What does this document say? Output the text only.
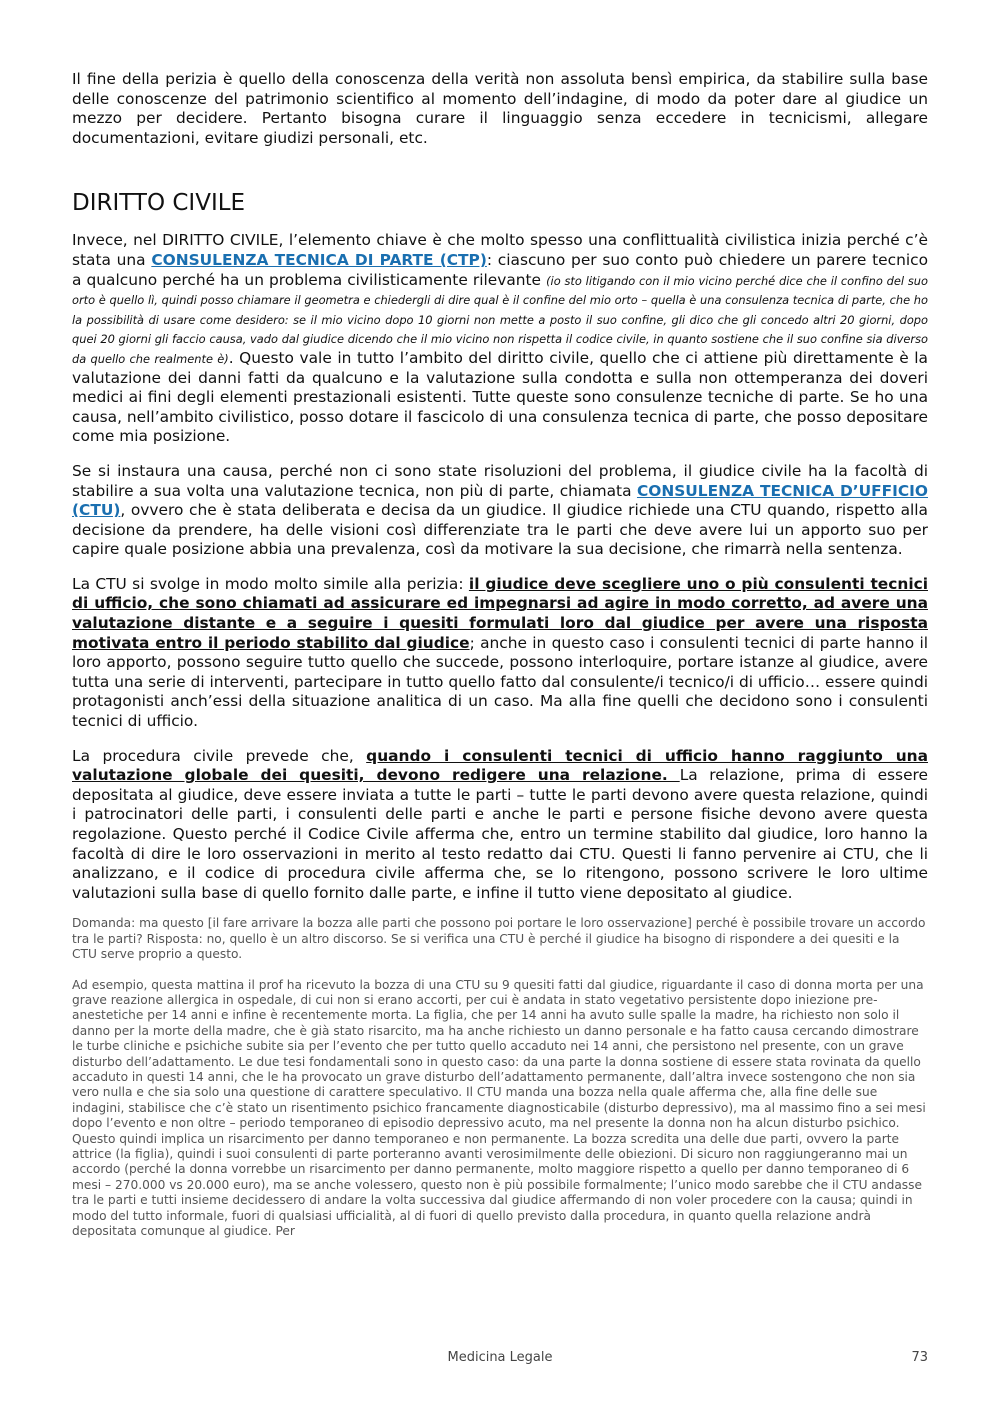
Il fine della perizia è quello della conoscenza della verità non assoluta bensì empirica, da stabilire sulla base delle conoscenze del patrimonio scientifico al momento dell’indagine, di modo da poter dare al giudice un mezzo per decidere. Pertanto bisogna curare il linguaggio senza eccedere in tecnicismi, allegare documentazioni, evitare giudizi personali, etc.

DIRITTO CIVILE

Invece, nel DIRITTO CIVILE, l’elemento chiave è che molto spesso una conflittualità civilistica inizia perché c’è stata una CONSULENZA TECNICA DI PARTE (CTP): ciascuno per suo conto può chiedere un parere tecnico a qualcuno perché ha un problema civilisticamente rilevante (io sto litigando con il mio vicino perché dice che il confino del suo orto è quello lì, quindi posso chiamare il geometra e chiedergli di dire qual è il confine del mio orto – quella è una consulenza tecnica di parte, che ho la possibilità di usare come desidero: se il mio vicino dopo 10 giorni non mette a posto il suo confine, gli dico che gli concedo altri 20 giorni, dopo quei 20 giorni gli faccio causa, vado dal giudice dicendo che il mio vicino non rispetta il codice civile, in quanto sostiene che il suo confine sia diverso da quello che realmente è). Questo vale in tutto l’ambito del diritto civile, quello che ci attiene più direttamente è la valutazione dei danni fatti da qualcuno e la valutazione sulla condotta e sulla non ottemperanza dei doveri medici ai fini degli elementi prestazionali esistenti. Tutte queste sono consulenze tecniche di parte. Se ho una causa, nell’ambito civilistico, posso dotare il fascicolo di una consulenza tecnica di parte, che posso depositare come mia posizione.

Se si instaura una causa, perché non ci sono state risoluzioni del problema, il giudice civile ha la facoltà di stabilire a sua volta una valutazione tecnica, non più di parte, chiamata CONSULENZA TECNICA D’UFFICIO (CTU), ovvero che è stata deliberata e decisa da un giudice. Il giudice richiede una CTU quando, rispetto alla decisione da prendere, ha delle visioni così differenziate tra le parti che deve avere lui un apporto suo per capire quale posizione abbia una prevalenza, così da motivare la sua decisione, che rimarrà nella sentenza.

La CTU si svolge in modo molto simile alla perizia: il giudice deve scegliere uno o più consulenti tecnici di ufficio, che sono chiamati ad assicurare ed impegnarsi ad agire in modo corretto, ad avere una valutazione distante e a seguire i quesiti formulati loro dal giudice per avere una risposta motivata entro il periodo stabilito dal giudice; anche in questo caso i consulenti tecnici di parte hanno il loro apporto, possono seguire tutto quello che succede, possono interloquire, portare istanze al giudice, avere tutta una serie di interventi, partecipare in tutto quello fatto dal consulente/i tecnico/i di ufficio… essere quindi protagonisti anch’essi della situazione analitica di un caso. Ma alla fine quelli che decidono sono i consulenti tecnici di ufficio.

La procedura civile prevede che, quando i consulenti tecnici di ufficio hanno raggiunto una valutazione globale dei quesiti, devono redigere una relazione. La relazione, prima di essere depositata al giudice, deve essere inviata a tutte le parti – tutte le parti devono avere questa relazione, quindi i patrocinatori delle parti, i consulenti delle parti e anche le parti e persone fisiche devono avere questa regolazione. Questo perché il Codice Civile afferma che, entro un termine stabilito dal giudice, loro hanno la facoltà di dire le loro osservazioni in merito al testo redatto dai CTU. Questi li fanno pervenire ai CTU, che li analizzano, e il codice di procedura civile afferma che, se lo ritengono, possono scrivere le loro ultime valutazioni sulla base di quello fornito dalle parte, e infine il tutto viene depositato al giudice.

Domanda: ma questo [il fare arrivare la bozza alle parti che possono poi portare le loro osservazione] perché è possibile trovare un accordo tra le parti? Risposta: no, quello è un altro discorso. Se si verifica una CTU è perché il giudice ha bisogno di rispondere a dei quesiti e la CTU serve proprio a questo.

Ad esempio, questa mattina il prof ha ricevuto la bozza di una CTU su 9 quesiti fatti dal giudice, riguardante il caso di donna morta per una grave reazione allergica in ospedale, di cui non si erano accorti, per cui è andata in stato vegetativo persistente dopo iniezione pre-anestetiche per 14 anni e infine è recentemente morta. La figlia, che per 14 anni ha avuto sulle spalle la madre, ha richiesto non solo il danno per la morte della madre, che è già stato risarcito, ma ha anche richiesto un danno personale e ha fatto causa cercando dimostrare le turbe cliniche e psichiche subite sia per l’evento che per tutto quello accaduto nei 14 anni, che persistono nel presente, con un grave disturbo dell’adattamento. Le due tesi fondamentali sono in questo caso: da una parte la donna sostiene di essere stata rovinata da quello accaduto in questi 14 anni, che le ha provocato un grave disturbo dell’adattamento permanente, dall’altra invece sostengono che non sia vero nulla e che sia solo una questione di carattere speculativo. Il CTU manda una bozza nella quale afferma che, alla fine delle sue indagini, stabilisce che c’è stato un risentimento psichico francamente diagnosticabile (disturbo depressivo), ma al massimo fino a sei mesi dopo l’evento e non oltre – periodo temporaneo di episodio depressivo acuto, ma nel presente la donna non ha alcun disturbo psichico. Questo quindi implica un risarcimento per danno temporaneo e non permanente. La bozza scredita una delle due parti, ovvero la parte attrice (la figlia), quindi i suoi consulenti di parte porteranno avanti verosimilmente delle obiezioni. Di sicuro non raggiungeranno mai un accordo (perché la donna vorrebbe un risarcimento per danno permanente, molto maggiore rispetto a quello per danno temporaneo di 6 mesi – 270.000 vs 20.000 euro), ma se anche volessero, questo non è più possibile formalmente; l’unico modo sarebbe che il CTU andasse tra le parti e tutti insieme decidessero di andare la volta successiva dal giudice affermando di non voler procedere con la causa; quindi in modo del tutto informale, fuori di qualsiasi ufficialità, al di fuori di quello previsto dalla procedura, in quanto quella relazione andrà depositata comunque al giudice. Per

Medicina Legale	73
